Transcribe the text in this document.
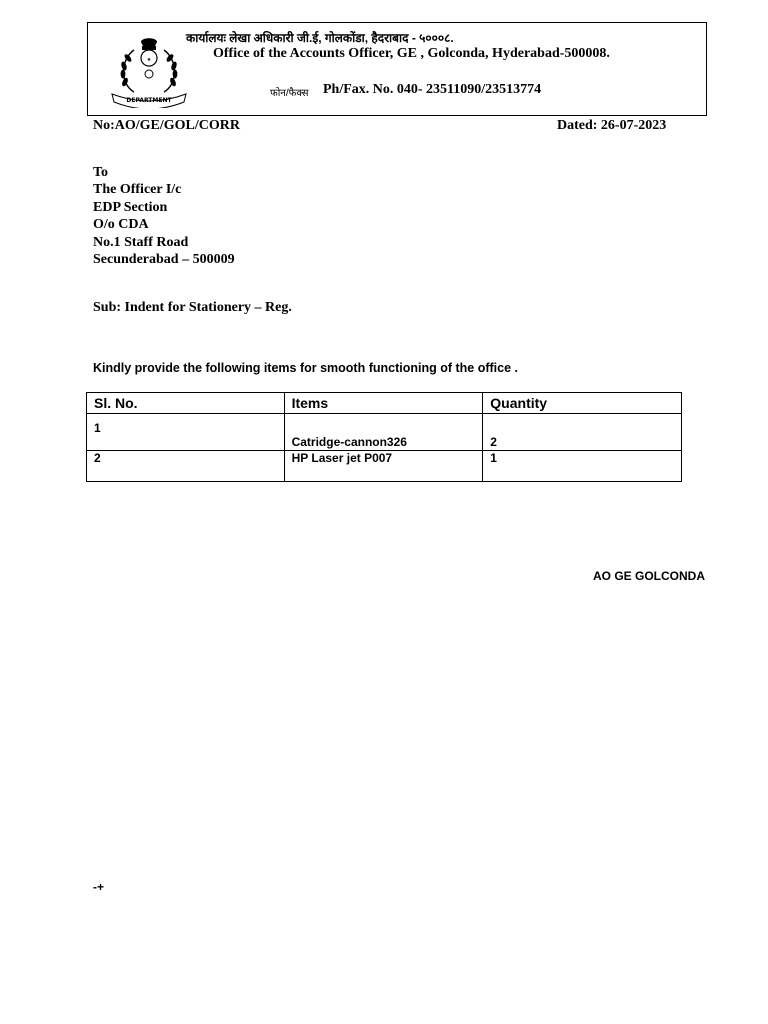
★
DEPARTMENT
कार्यालयः लेखा अधिकारी जी.ई, गोलकोंडा, हैदराबाद - ५०००८.
Office of the Accounts Officer, GE , Golconda, Hyderabad-500008.
फोन/फैक्स Ph/Fax. No. 040- 23511090/23513774
No:AO/GE/GOL/CORR	Dated: 26-07-2023
To
The Officer I/c
EDP Section
O/o CDA
No.1 Staff Road
Secunderabad – 500009
Sub: Indent for Stationery – Reg.
Kindly provide the following items for smooth functioning of the office .
Sl. No.	Items	Quantity
1	Catridge-cannon326	2
2	HP Laser jet P007	1
AO GE GOLCONDA
-+
